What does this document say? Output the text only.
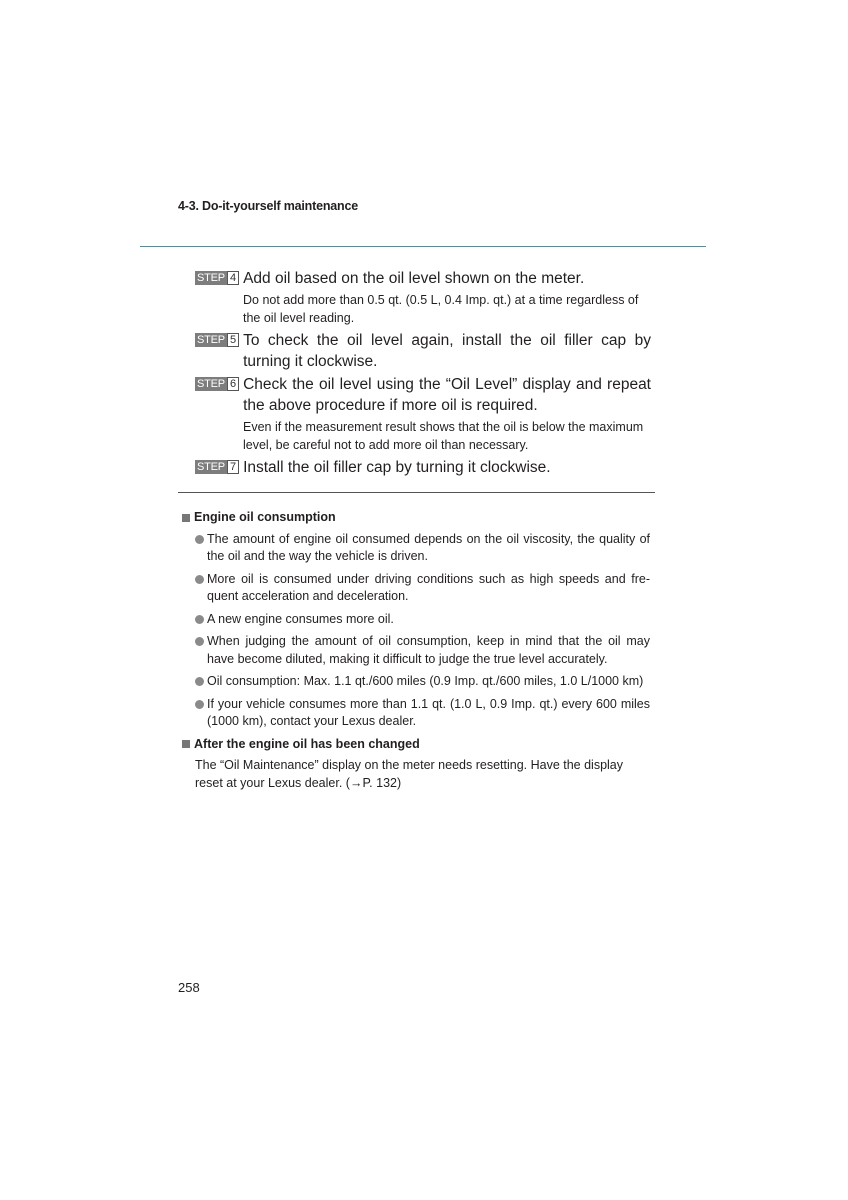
4-3. Do-it-yourself maintenance
STEP 4 Add oil based on the oil level shown on the meter.
Do not add more than 0.5 qt. (0.5 L, 0.4 Imp. qt.) at a time regardless of the oil level reading.
STEP 5 To check the oil level again, install the oil filler cap by turning it clockwise.
STEP 6 Check the oil level using the “Oil Level” display and repeat the above procedure if more oil is required.
Even if the measurement result shows that the oil is below the maximum level, be careful not to add more oil than necessary.
STEP 7 Install the oil filler cap by turning it clockwise.
Engine oil consumption
The amount of engine oil consumed depends on the oil viscosity, the quality of the oil and the way the vehicle is driven.
More oil is consumed under driving conditions such as high speeds and fre-quent acceleration and deceleration.
A new engine consumes more oil.
When judging the amount of oil consumption, keep in mind that the oil may have become diluted, making it difficult to judge the true level accurately.
Oil consumption: Max. 1.1 qt./600 miles (0.9 Imp. qt./600 miles, 1.0 L/1000 km)
If your vehicle consumes more than 1.1 qt. (1.0 L, 0.9 Imp. qt.) every 600 miles (1000 km), contact your Lexus dealer.
After the engine oil has been changed

The “Oil Maintenance” display on the meter needs resetting. Have the display reset at your Lexus dealer. (→P. 132)

258
